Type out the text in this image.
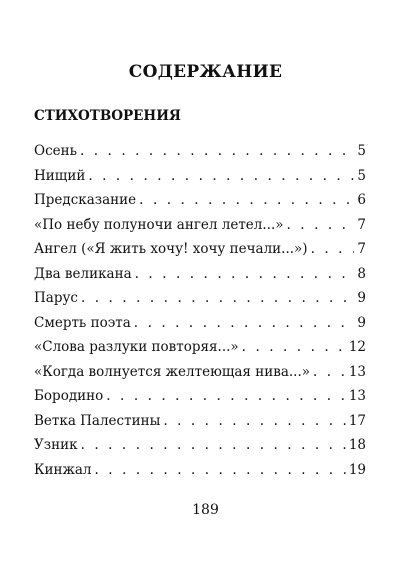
СОДЕРЖАНИЕ
СТИХОТВОРЕНИЯ
Осень . . .	5
Нищий . . .	5
Предсказание . . .	6
«По небу полуночи ангел летел...» . . .	7
Ангел («Я жить хочу! хочу печали...») . . .	7
Два великана . . .	8
Парус . . .	9
Смерть поэта . . .	9
«Слова разлуки повторяя...» . . .	12
«Когда волнуется желтеющая нива...» . . .	13
Бородино . . .	13
Ветка Палестины . . .	17
Узник . . .	18
Кинжал . . .	19
189
